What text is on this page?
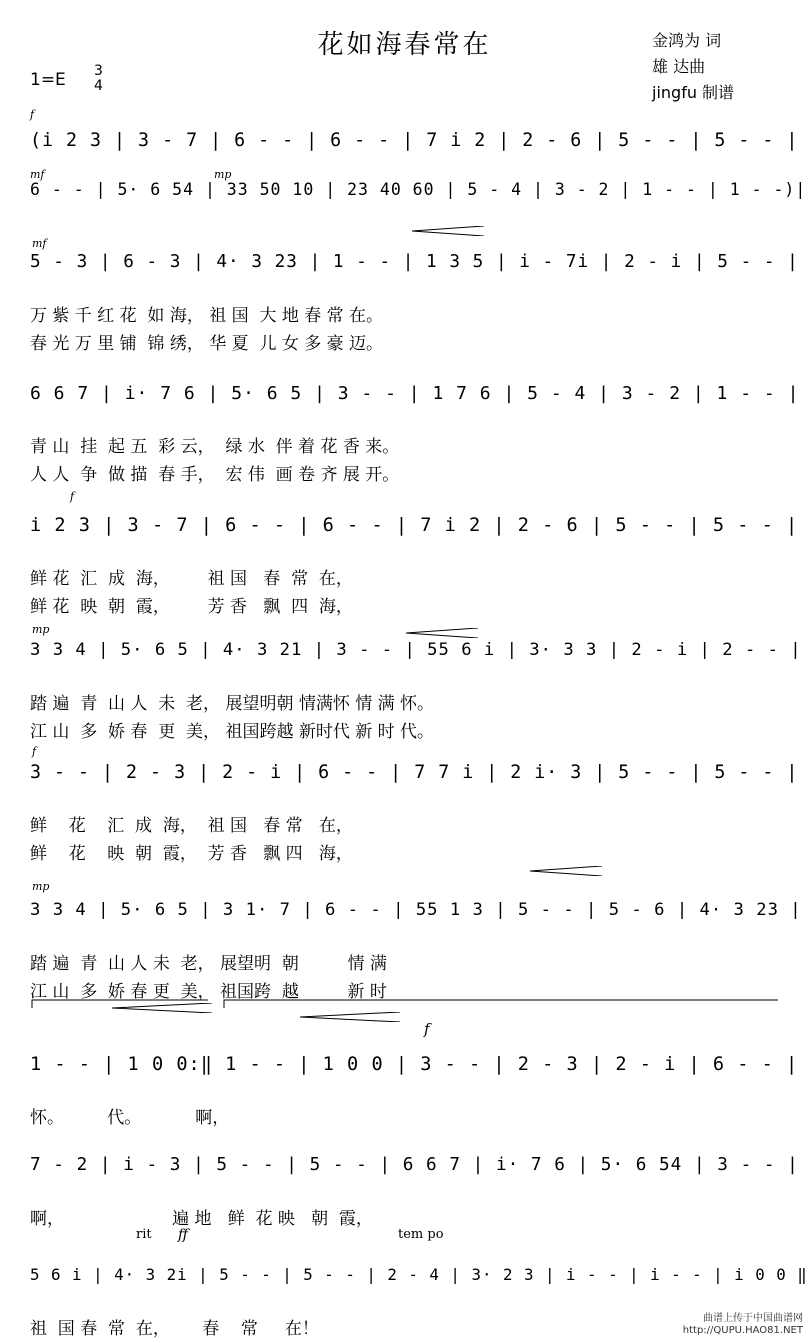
花如海春常在	金鸿为 词
雄 达曲
jingfu 制谱
1=E 3
4
f
mf	mp
mf
f
mp
f
mp
f
rit ff	tem po
(i 2 3 | 3 - 7 | 6 - - | 6 - - | 7 i 2 | 2 - 6 | 5 - - | 5 - - |
6 - - | 5· 6 54 | 33 50 10 | 23 40 60 | 5 - 4 | 3 - 2 | 1 - - | 1 - -)|
5 - 3 | 6 - 3 | 4· 3 23 | 1 - - | 1 3 5 | i - 7i | 2 - i | 5 - - |
万 紫 千 红 花  如 海， 祖 国  大 地 春 常 在。
春 光 万 里 铺  锦 绣， 华 夏  儿 女 多 豪 迈。
6 6 7 | i· 7 6 | 5· 6 5 | 3 - - | 1 7 6 | 5 - 4 | 3 - 2 | 1 - - |
青 山  挂  起 五  彩 云，  绿 水  伴 着 花 香 来。
人 人  争  做 描  春 手，  宏 伟  画 卷 齐 展 开。
i 2 3 | 3 - 7 | 6 - - | 6 - - | 7 i 2 | 2 - 6 | 5 - - | 5 - - |
鲜 花  汇  成  海，       祖 国   春  常  在，
鲜 花  映  朝  霞，       芳 香   飘  四  海，
3 3 4 | 5· 6 5 | 4· 3 21 | 3 - - | 55 6 i | 3· 3 3 | 2 - i | 2 - - |
踏 遍  青  山 人  未  老， 展望明朝 情满怀 情 满 怀。
江 山  多  娇 春  更  美， 祖国跨越 新时代 新 时 代。
3 - - | 2 - 3 | 2 - i | 6 - - | 7 7 i | 2 i· 3 | 5 - - | 5 - - |
鲜    花    汇  成  海，  祖 国   春 常   在，
鲜    花    映  朝  霞，  芳 香   飘 四   海，
3 3 4 | 5· 6 5 | 3 1· 7 | 6 - - | 55 1 3 | 5 - - | 5 - 6 | 4· 3 23 |
踏 遍  青  山 人 未  老， 展望明  朝         情 满
江 山  多  娇 春 更  美， 祖国跨  越         新 时
1 - - | 1 0 0:‖ 1 - - | 1 0 0 | 3 - - | 2 - 3 | 2 - i | 6 - - |
怀。        代。          啊，
7 - 2 | i - 3 | 5 - - | 5 - - | 6 6 7 | i· 7 6 | 5· 6 54 | 3 - - |
啊，                    遍 地   鲜  花 映   朝  霞，
5 6 i | 4· 3 2i | 5 - - | 5 - - | 2 - 4 | 3· 2 3 | i - - | i - - | i 0 0 ‖
祖  国 春  常  在，      春    常     在！
曲谱上传于中国曲谱网
http://QUPU.HAO81.NET
